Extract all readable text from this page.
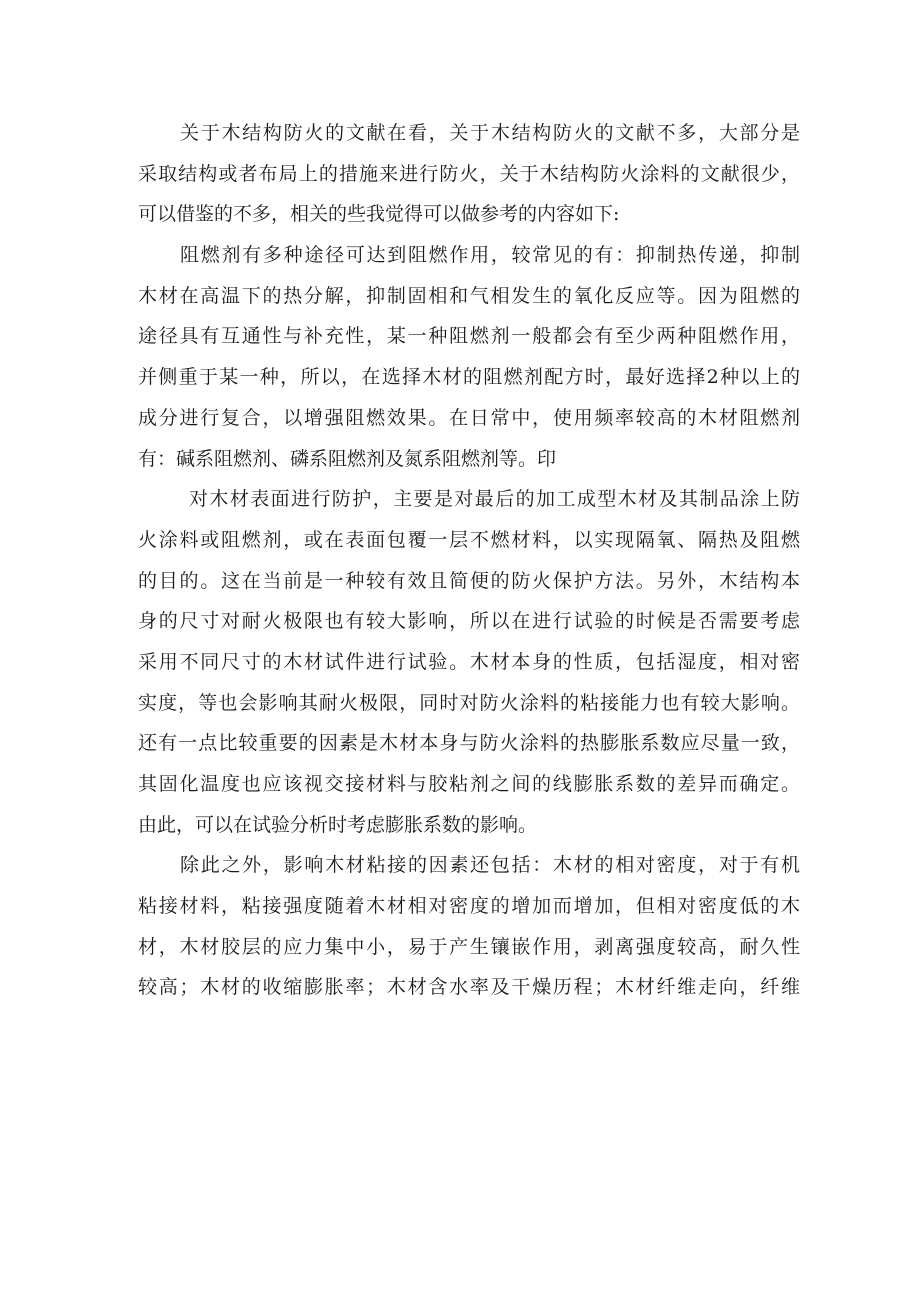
关于木结构防火的文献在看，关于木结构防火的文献不多，大部分是
采取结构或者布局上的措施来进行防火，关于木结构防火涂料的文献很少，
可以借鉴的不多，相关的些我觉得可以做参考的内容如下:
阻燃剂有多种途径可达到阻燃作用，较常见的有：抑制热传递，抑制
木材在高温下的热分解，抑制固相和气相发生的氧化反应等。因为阻燃的
途径具有互通性与补充性，某一种阻燃剂一般都会有至少两种阻燃作用，
并侧重于某一种，所以，在选择木材的阻燃剂配方时，最好选择2种以上的
成分进行复合，以增强阻燃效果。在日常中，使用频率较高的木材阻燃剂
有：碱系阻燃剂、磷系阻燃剂及氮系阻燃剂等。印
对木材表面进行防护，主要是对最后的加工成型木材及其制品涂上防
火涂料或阻燃剂，或在表面包覆一层不燃材料，以实现隔氧、隔热及阻燃
的目的。这在当前是一种较有效且简便的防火保护方法。另外，木结构本
身的尺寸对耐火极限也有较大影响，所以在进行试验的时候是否需要考虑
采用不同尺寸的木材试件进行试验。木材本身的性质，包括湿度，相对密
实度，等也会影响其耐火极限，同时对防火涂料的粘接能力也有较大影响。
还有一点比较重要的因素是木材本身与防火涂料的热膨胀系数应尽量一致，
其固化温度也应该视交接材料与胶粘剂之间的线膨胀系数的差异而确定。
由此，可以在试验分析时考虑膨胀系数的影响。
除此之外，影响木材粘接的因素还包括：木材的相对密度，对于有机
粘接材料，粘接强度随着木材相对密度的增加而增加，但相对密度低的木
材，木材胶层的应力集中小，易于产生镶嵌作用，剥离强度较高，耐久性
较高；木材的收缩膨胀率；木材含水率及干燥历程；木材纤维走向，纤维
